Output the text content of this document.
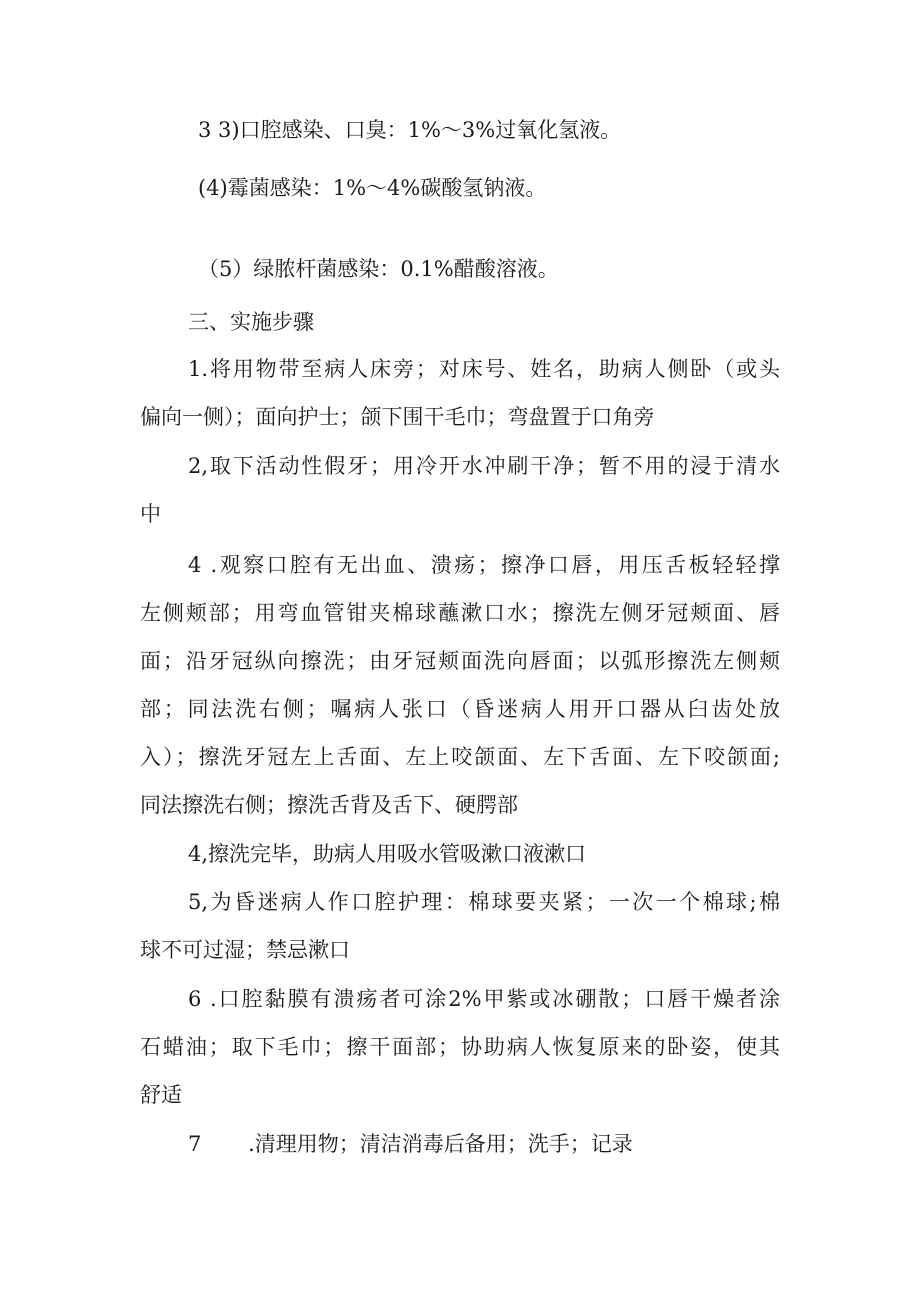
3 3)口腔感染、口臭：1%～3%过氧化氢液。

(4)霉菌感染：1%～4%碳酸氢钠液。

（5）绿脓杆菌感染：0.1%醋酸溶液。

三、实施步骤

1.将用物带至病人床旁；对床号、姓名，助病人侧卧（或头

偏向一侧）；面向护士；颌下围干毛巾；弯盘置于口角旁

2,取下活动性假牙；用冷开水冲刷干净；暂不用的浸于清水

中

4 .观察口腔有无出血、溃疡；擦净口唇，用压舌板轻轻撑

左侧颊部；用弯血管钳夹棉球蘸漱口水；擦洗左侧牙冠颊面、唇

面；沿牙冠纵向擦洗；由牙冠颊面洗向唇面；以弧形擦洗左侧颊

部；同法洗右侧；嘱病人张口（昏迷病人用开口器从臼齿处放

入）；擦洗牙冠左上舌面、左上咬颌面、左下舌面、左下咬颌面;

同法擦洗右侧；擦洗舌背及舌下、硬腭部

4,擦洗完毕，助病人用吸水管吸漱口液漱口

5,为昏迷病人作口腔护理：棉球要夹紧；一次一个棉球;棉

球不可过湿；禁忌漱口

6 .口腔黏膜有溃疡者可涂2%甲紫或冰硼散；口唇干燥者涂

石蜡油；取下毛巾；擦干面部；协助病人恢复原来的卧姿，使其

舒适

7       .清理用物；清洁消毒后备用；洗手；记录
